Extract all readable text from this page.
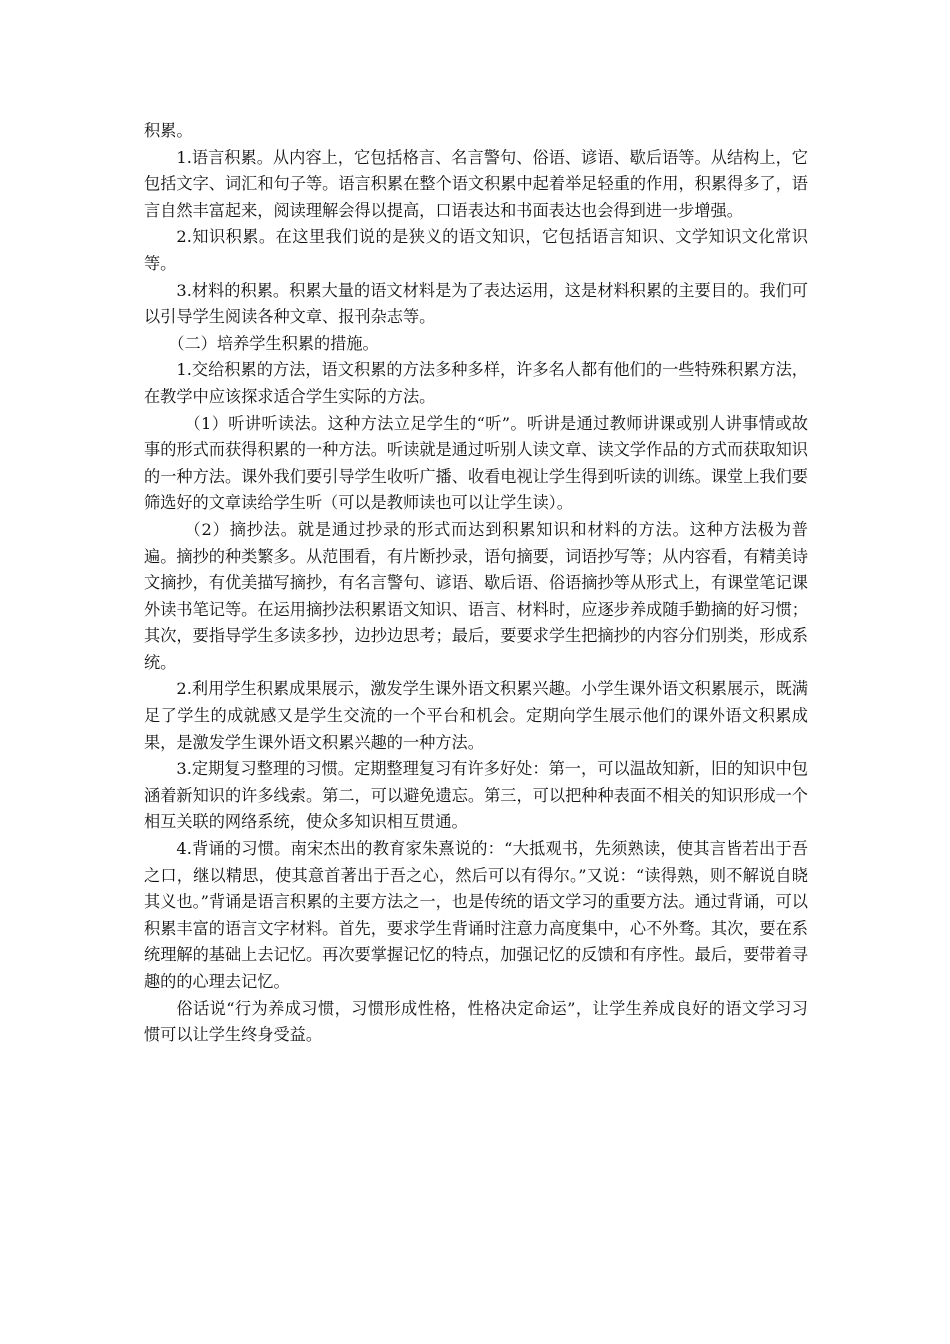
积累。

1.语言积累。从内容上，它包括格言、名言警句、俗语、谚语、歇后语等。从结构上，它包括文字、词汇和句子等。语言积累在整个语文积累中起着举足轻重的作用，积累得多了，语言自然丰富起来，阅读理解会得以提高，口语表达和书面表达也会得到进一步增强。

2.知识积累。在这里我们说的是狭义的语文知识，它包括语言知识、文学知识文化常识等。

3.材料的积累。积累大量的语文材料是为了表达运用，这是材料积累的主要目的。我们可以引导学生阅读各种文章、报刊杂志等。

（二）培养学生积累的措施。

1.交给积累的方法，语文积累的方法多种多样，许多名人都有他们的一些特殊积累方法，在教学中应该探求适合学生实际的方法。

（1）听讲听读法。这种方法立足学生的“听”。听讲是通过教师讲课或别人讲事情或故事的形式而获得积累的一种方法。听读就是通过听别人读文章、读文学作品的方式而获取知识的一种方法。课外我们要引导学生收听广播、收看电视让学生得到听读的训练。课堂上我们要筛选好的文章读给学生听（可以是教师读也可以让学生读）。

（2）摘抄法。就是通过抄录的形式而达到积累知识和材料的方法。这种方法极为普遍。摘抄的种类繁多。从范围看，有片断抄录，语句摘要，词语抄写等；从内容看，有精美诗文摘抄，有优美描写摘抄，有名言警句、谚语、歇后语、俗语摘抄等从形式上，有课堂笔记课外读书笔记等。在运用摘抄法积累语文知识、语言、材料时，应逐步养成随手勤摘的好习惯；其次，要指导学生多读多抄，边抄边思考；最后，要要求学生把摘抄的内容分们别类，形成系统。

2.利用学生积累成果展示，激发学生课外语文积累兴趣。小学生课外语文积累展示，既满足了学生的成就感又是学生交流的一个平台和机会。定期向学生展示他们的课外语文积累成果，是激发学生课外语文积累兴趣的一种方法。

3.定期复习整理的习惯。定期整理复习有许多好处：第一，可以温故知新，旧的知识中包涵着新知识的许多线索。第二，可以避免遗忘。第三，可以把种种表面不相关的知识形成一个相互关联的网络系统，使众多知识相互贯通。

4.背诵的习惯。南宋杰出的教育家朱熹说的：“大抵观书，先须熟读，使其言皆若出于吾之口，继以精思，使其意首著出于吾之心，然后可以有得尔。”又说：“读得熟，则不解说自晓其义也。”背诵是语言积累的主要方法之一，也是传统的语文学习的重要方法。通过背诵，可以积累丰富的语言文字材料。首先，要求学生背诵时注意力高度集中，心不外骛。其次，要在系统理解的基础上去记忆。再次要掌握记忆的特点，加强记忆的反馈和有序性。最后，要带着寻趣的的心理去记忆。

俗话说“行为养成习惯，习惯形成性格，性格决定命运”，让学生养成良好的语文学习习惯可以让学生终身受益。
